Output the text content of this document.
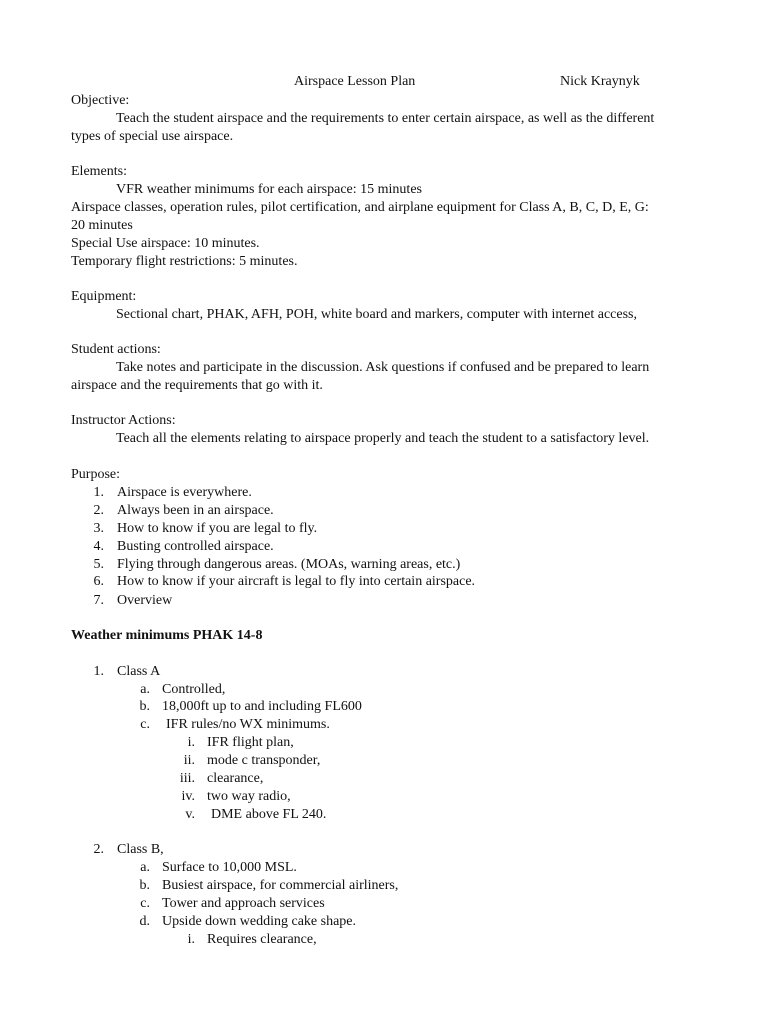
Airspace Lesson Plan	Nick Kraynyk
Objective:
Teach the student airspace and the requirements to enter certain airspace, as well as the different
types of special use airspace.
Elements:
VFR weather minimums for each airspace: 15 minutes
Airspace classes, operation rules, pilot certification, and airplane equipment for Class A, B, C, D, E, G:
20 minutes
Special Use airspace: 10 minutes.
Temporary flight restrictions: 5 minutes.
Equipment:
Sectional chart, PHAK, AFH, POH, white board and markers, computer with internet access,
Student actions:
Take notes and participate in the discussion. Ask questions if confused and be prepared to learn
airspace and the requirements that go with it.
Instructor Actions:
Teach all the elements relating to airspace properly and teach the student to a satisfactory level.
Purpose:
1. Airspace is everywhere.
2. Always been in an airspace.
3. How to know if you are legal to fly.
4. Busting controlled airspace.
5. Flying through dangerous areas. (MOAs, warning areas, etc.)
6. How to know if your aircraft is legal to fly into certain airspace.
7. Overview
Weather minimums PHAK 14-8
1. Class A
a. Controlled,
b. 18,000ft up to and including FL600
c. IFR rules/no WX minimums.
i. IFR flight plan,
ii. mode c transponder,
iii. clearance,
iv. two way radio,
v. DME above FL 240.
2. Class B,
a. Surface to 10,000 MSL.
b. Busiest airspace, for commercial airliners,
c. Tower and approach services
d. Upside down wedding cake shape.
i. Requires clearance,
